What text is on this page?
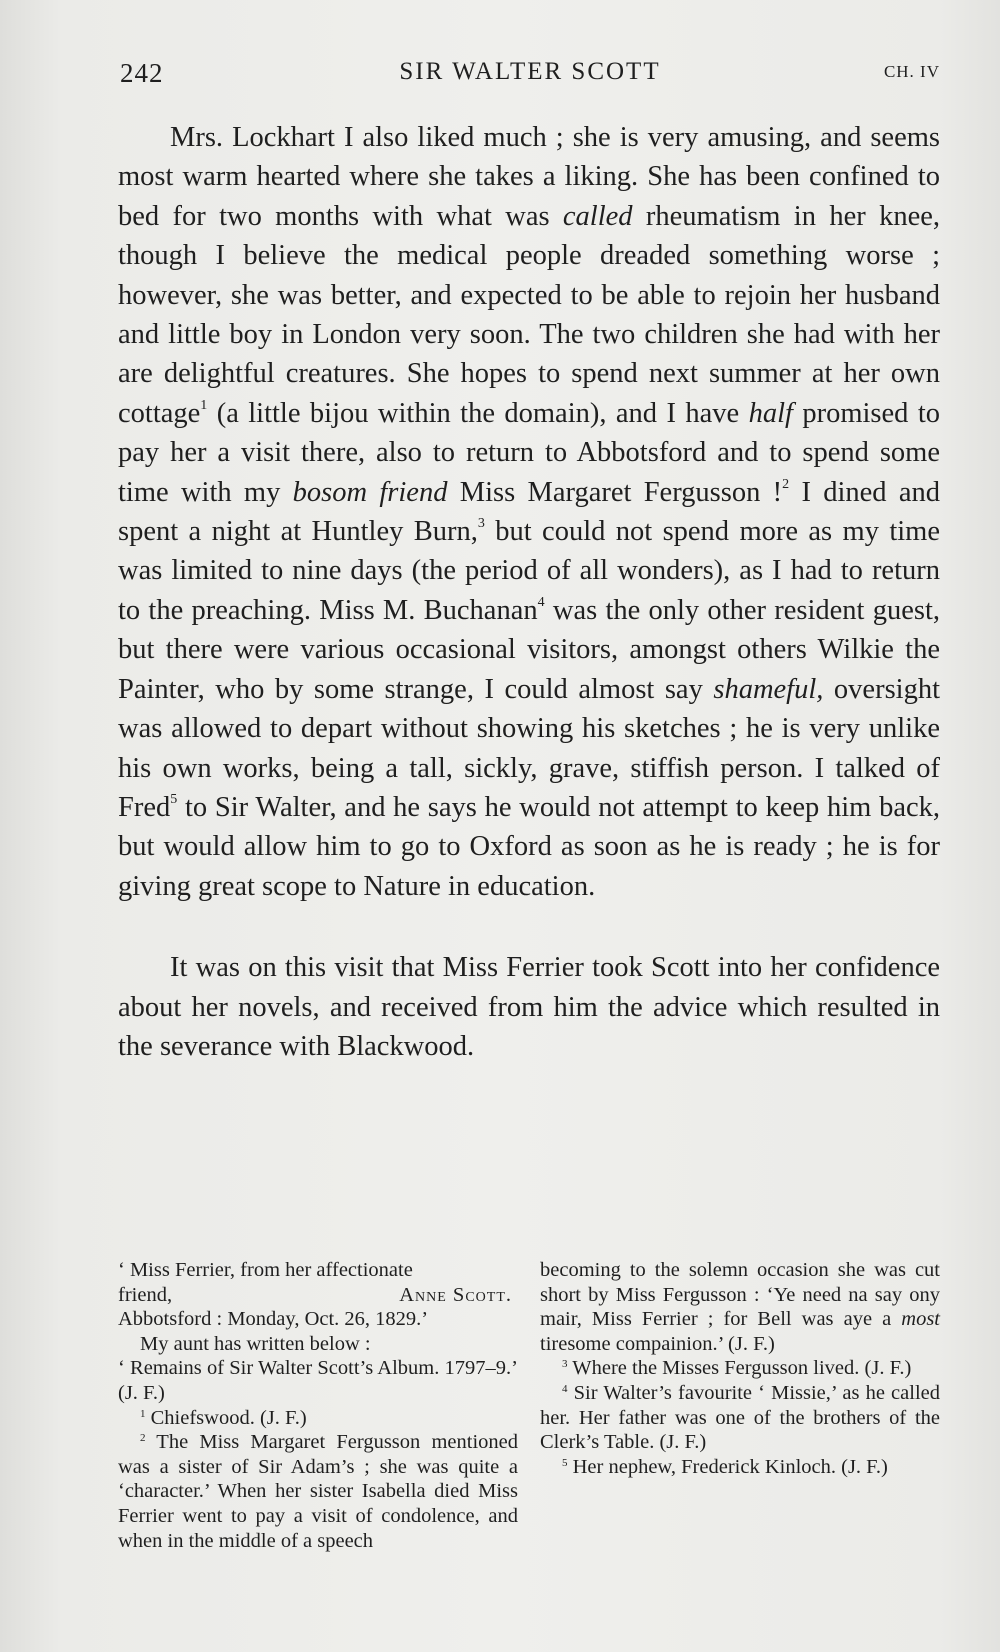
242	SIR WALTER SCOTT	CH. IV

Mrs. Lockhart I also liked much ; she is very amusing, and seems most warm hearted where she takes a liking. She has been confined to bed for two months with what was called rheumatism in her knee, though I believe the medical people dreaded something worse ; however, she was better, and expected to be able to rejoin her husband and little boy in London very soon. The two children she had with her are delightful creatures. She hopes to spend next summer at her own cottage$^1$ (a little bijou within the domain), and I have half promised to pay her a visit there, also to return to Abbotsford and to spend some time with my bosom friend Miss Margaret Fergusson !$^2$ I dined and spent a night at Huntley Burn,$^3$ but could not spend more as my time was limited to nine days (the period of all wonders), as I had to return to the preaching. Miss M. Buchanan$^4$ was the only other resident guest, but there were various occasional visitors, amongst others Wilkie the Painter, who by some strange, I could almost say shameful, oversight was allowed to depart without showing his sketches ; he is very unlike his own works, being a tall, sickly, grave, stiffish person. I talked of Fred$^5$ to Sir Walter, and he says he would not attempt to keep him back, but would allow him to go to Oxford as soon as he is ready ; he is for giving great scope to Nature in education.

It was on this visit that Miss Ferrier took Scott into her confidence about her novels, and received from him the advice which resulted in the severance with Blackwood.

‘ Miss Ferrier, from her affectionate

friend,	Anne Scott.

Abbotsford : Monday, Oct. 26, 1829.’

My aunt has written below :

‘ Remains of Sir Walter Scott’s Album. 1797–9.’ (J. F.)

$^1$ Chiefswood. (J. F.)

$^2$ The Miss Margaret Fergusson mentioned was a sister of Sir Adam’s ; she was quite a ‘character.’ When her sister Isabella died Miss Ferrier went to pay a visit of condolence, and when in the middle of a speech

becoming to the solemn occasion she was cut short by Miss Fergusson : ‘Ye need na say ony mair, Miss Ferrier ; for Bell was aye a most tiresome compainion.’ (J. F.)

$^3$ Where the Misses Fergusson lived. (J. F.)

$^4$ Sir Walter’s favourite ‘ Missie,’ as he called her. Her father was one of the brothers of the Clerk’s Table. (J. F.)

$^5$ Her nephew, Frederick Kinloch. (J. F.)
